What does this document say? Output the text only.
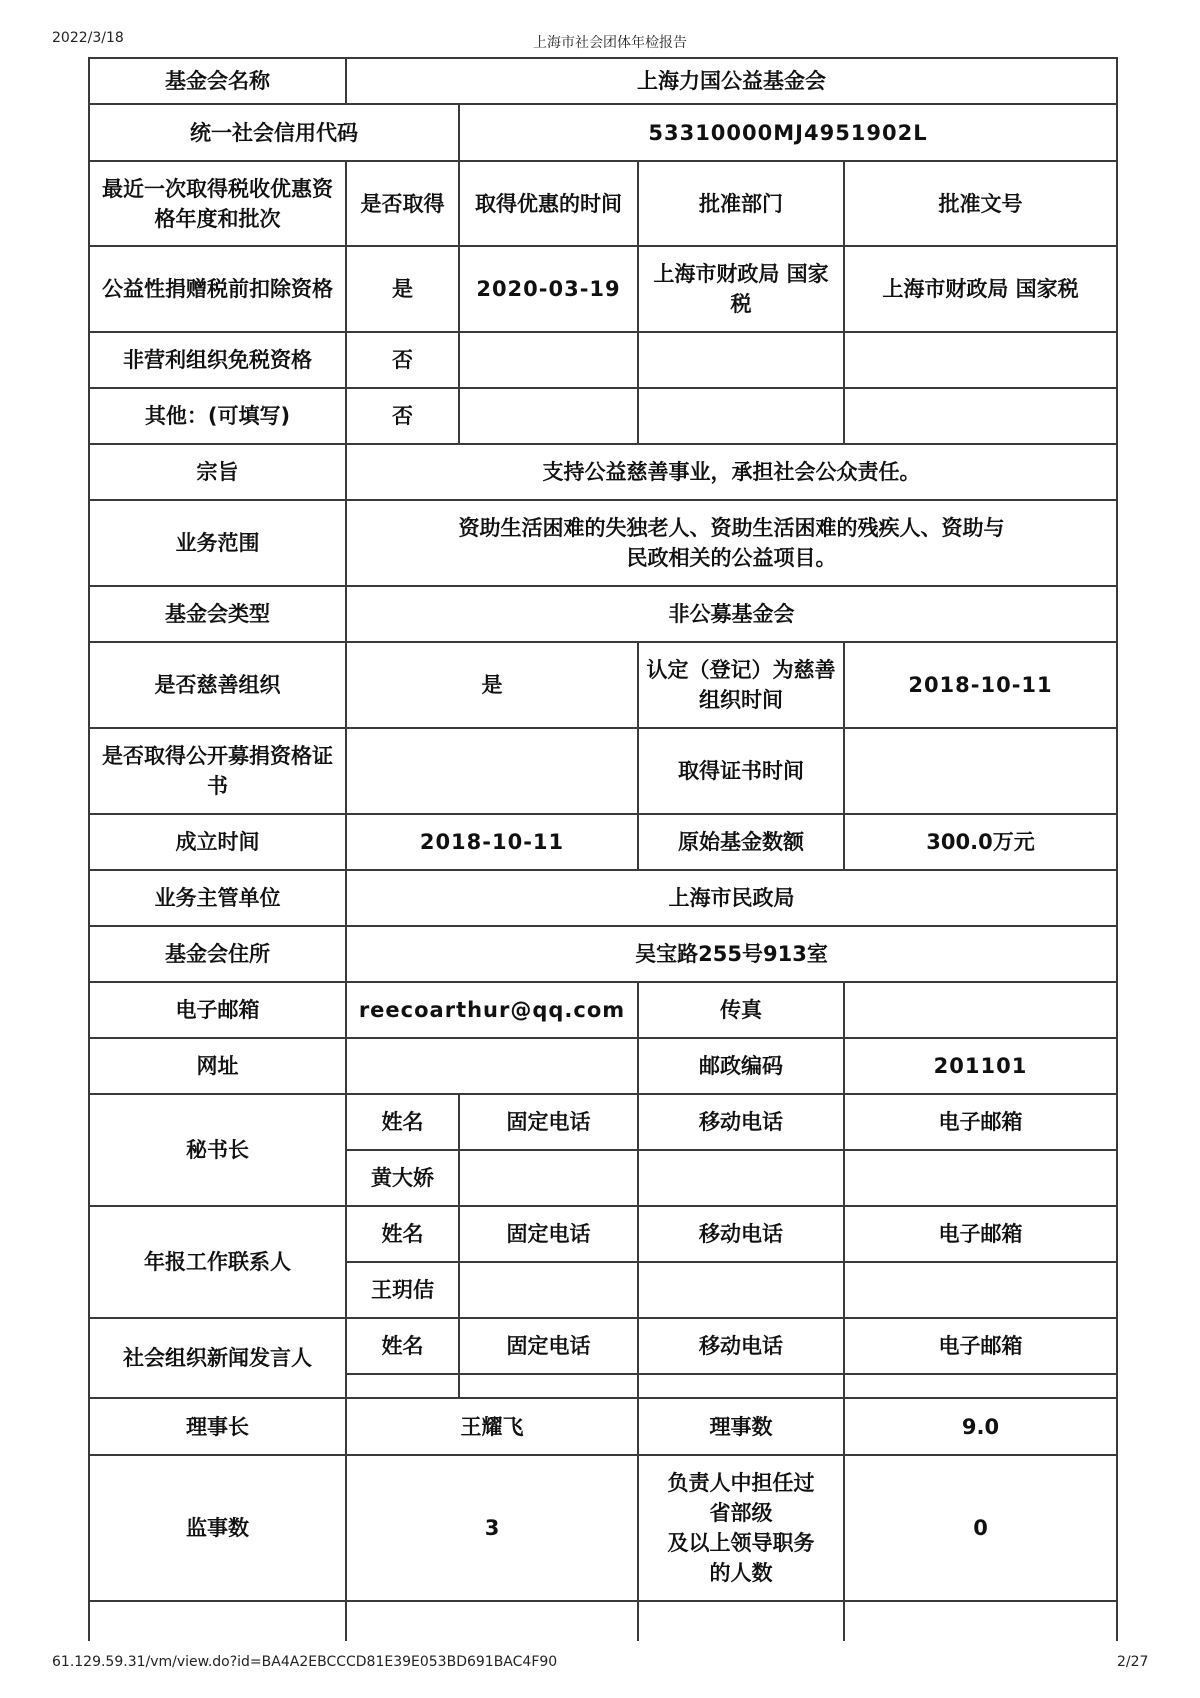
2022/3/18	上海市社会团体年检报告
基金会名称	上海力国公益基金会			
统一社会信用代码		53310000MJ4951902L		
最近一次取得税收优惠资格年度和批次	是否取得	取得优惠的时间	批准部门	批准文号
公益性捐赠税前扣除资格	是	2020-03-19	上海市财政局 国家税	上海市财政局 国家税
非营利组织免税资格	否			
其他：(可填写)	否			
宗旨	支持公益慈善事业，承担社会公众责任。			
业务范围	资助生活困难的失独老人、资助生活困难的残疾人、资助与
民政相关的公益项目。			

基金会类型	非公募基金会			
是否慈善组织	是		认定（登记）为慈善组织时间	2018-10-11
是否取得公开募捐资格证书			取得证书时间	
成立时间	2018-10-11		原始基金数额	300.0万元
业务主管单位	上海市民政局			
基金会住所	吴宝路255号913室			
电子邮箱	reecoarthur@qq.com		传真	
网址			邮政编码	201101
秘书长	姓名	固定电话	移动电话	电子邮箱
	黄大娇			
年报工作联系人	姓名	固定电话	移动电话	电子邮箱
	王玥佶			
社会组织新闻发言人	姓名	固定电话	移动电话	电子邮箱

理事长	王耀飞		理事数	9.0
监事数	3		负责人中担任过
省部级
及以上领导职务
的人数	0

61.129.59.31/vm/view.do?id=BA4A2EBCCCD81E39E053BD691BAC4F90	2/27
